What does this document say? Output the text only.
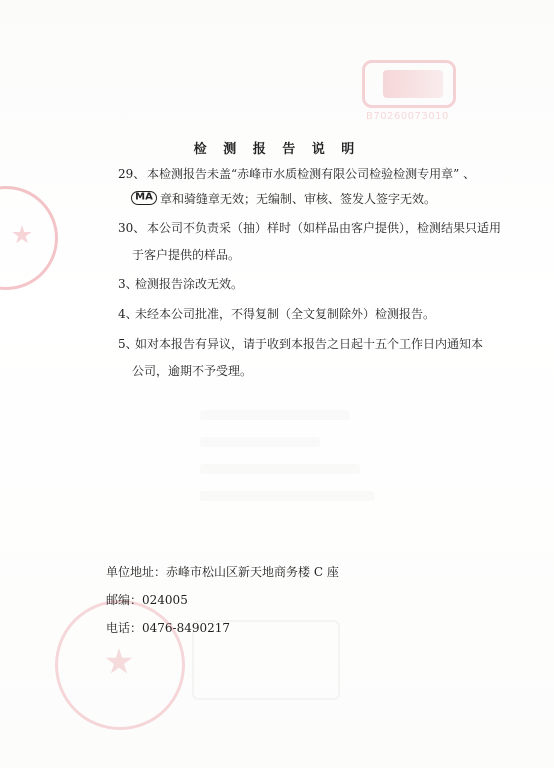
B70260073010
检 测 报 告 说 明
29、 本检测报告未盖“赤峰市水质检测有限公司检验检测专用章” 、
MA 章和骑缝章无效；无编制、审核、签发人签字无效。
30、 本公司不负责采（抽）样时（如样品由客户提供），检测结果只适用
于客户提供的样品。
3、
检测报告涂改无效。
4、
未经本公司批准，不得复制（全文复制除外）检测报告。
5、
如对本报告有异议，请于收到本报告之日起十五个工作日内通知本
公司，逾期不予受理。
单位地址：赤峰市松山区新天地商务楼 C 座
邮编：024005
电话：0476-8490217
